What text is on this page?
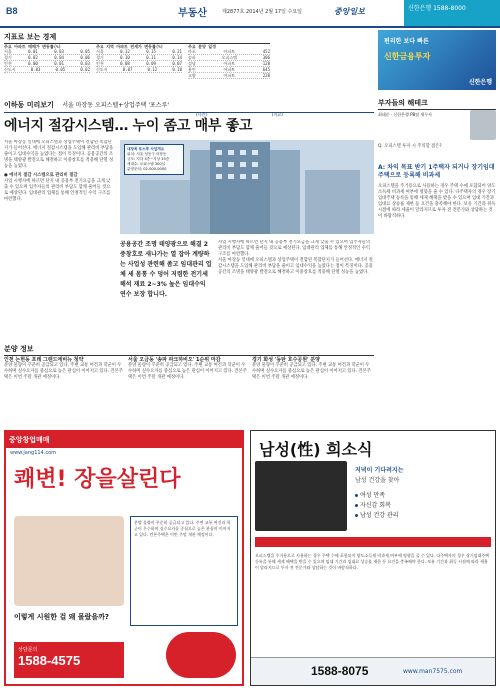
B8	부동산	제2877호 2014년 2월 17일 수요일	중앙일보	신한은행 1588-8000
지표로 보는 경제
주요 아파트 매매가 변동률(%)
서울	0.01	0.03	0.05
경기	0.02	0.04	0.06
인천	0.00	0.01	0.03
신도시	0.03	0.05	0.02
주요 지역 아파트 전세가 변동률(%)
서울	0.12	0.15	0.21
경기	0.10	0.11	0.14
인천	0.08	0.09	0.07
신도시	0.07	0.12	0.10
주요 분양 일정
마포	아파트	452
송파	오피스텔	306
성남	아파트	128
용인	아파트	645
고양	아파트	220
편리한 보다 빠른
신한금융투자
신한은행
이하동 미리보기 서울 마장동 오피스텔+상업주택 '포스루'
에너지 절감시스템… 누이 좀고 매부 좋고
(사진)	(자료)
서울 마장동 일대에 오피스텔과 상업주택이 결합된 복합단지가 들어선다. 에너지 절감시스템을 도입해 관리비 부담을 줄이고 임대수익을 높였다는 점이 특징이다. 공용공간의 조명을 태양광 발전으로 해결하고 이중창호를 적용해 단열 성능을 높였다.
● 에너지 절감 시스템으로 관리비 절감
사업 시행사에 따르면 단지 내 공용부 전기요금을 크게 낮출 수 있으며 입주자들의 관리비 부담도 함께 줄어들 것으로 예상된다. 임대관리 업체를 통해 안정적인 수익 구조를 마련했다.
대장목 포스루 사업개요
위치: 서울 성동구 마장동
규모: 지하 3층~지상 15층
세대수: 오피스텔 300실
분양문의: 02-000-0000
공용공간 조명 태양광으로 해결 2중창호로 새나가는 열 잡아 계량하는 사업성 관련해 좀고 임대관리 업체 세 몸통 수 덩어 저렴한 전기세 해석 재료 2~3% 높은 임대수익 연수 보장 합니다.
사업 시행사에 따르면 단지 내 공용부 전기요금을 크게 낮출 수 있으며 입주자들의 관리비 부담도 함께 줄어들 것으로 예상된다. 임대관리 업체를 통해 안정적인 수익 구조를 마련했다.
서울 마장동 일대에 오피스텔과 상업주택이 결합된 복합단지가 들어선다. 에너지 절감시스템을 도입해 관리비 부담을 줄이고 임대수익을 높였다는 점이 특징이다. 공용공간의 조명을 태양광 발전으로 해결하고 이중창호를 적용해 단열 성능을 높였다.
부자들의 해테크
최태준 · 신한은행 PB팀 세무사
Q. 오피스텔 투자 시 주의할 점은?
A: 차익 목표 받기 1주택자 되거나 장기임대주택으로 등록해 비과세
오피스텔을 주거용으로 사용하는 경우 주택 수에 포함되어 양도소득세 비과세 여부에 영향을 줄 수 있다. 다주택자의 경우 장기임대주택 등록을 통해 세제 혜택을 받을 수 있으며 임대 기간과 임대료 상승률 제한 등 요건을 충족해야 한다. 보유 기간과 취득 시점에 따라 세율이 달라지므로 투자 전 전문가와 상담하는 것이 바람직하다.
분양 정보
인천 논현동 포레 그랜드에비뉴 청약
분양 물량이 꾸준히 공급되고 있다. 주변 교통 여건과 학군이 우수하며 실수요자를 중심으로 높은 관심이 이어지고 있다. 견본주택은 이번 주말 개관 예정이다.
서울 오금동 '송파 파크하비오' 1순위 마감
분양 물량이 꾸준히 공급되고 있다. 주변 교통 여건과 학군이 우수하며 실수요자를 중심으로 높은 관심이 이어지고 있다. 견본주택은 이번 주말 개관 예정이다.
경기 화성 '동탄 호수공원' 분양
분양 물량이 꾸준히 공급되고 있다. 주변 교통 여건과 학군이 우수하며 실수요자를 중심으로 높은 관심이 이어지고 있다. 견본주택은 이번 주말 개관 예정이다.
중앙창업매매
www.jang114.com
쾌변! 장을살린다
분양 물량이 꾸준히 공급되고 있다. 주변 교통 여건과 학군이 우수하며 실수요자를 중심으로 높은 관심이 이어지고 있다. 견본주택은 이번 주말 개관 예정이다.
이렇게 시원한 걸 왜 몰랐을까?
상담문의
1588-4575
남성(性) 희소식
저녁이 기다려지는
남성 건강을 찾아
여성 만족
자신감 회복
남성 건강 관리
오피스텔을 주거용으로 사용하는 경우 주택 수에 포함되어 양도소득세 비과세 여부에 영향을 줄 수 있다. 다주택자의 경우 장기임대주택 등록을 통해 세제 혜택을 받을 수 있으며 임대 기간과 임대료 상승률 제한 등 요건을 충족해야 한다. 보유 기간과 취득 시점에 따라 세율이 달라지므로 투자 전 전문가와 상담하는 것이 바람직하다.
1588-8075	www.man7575.com
